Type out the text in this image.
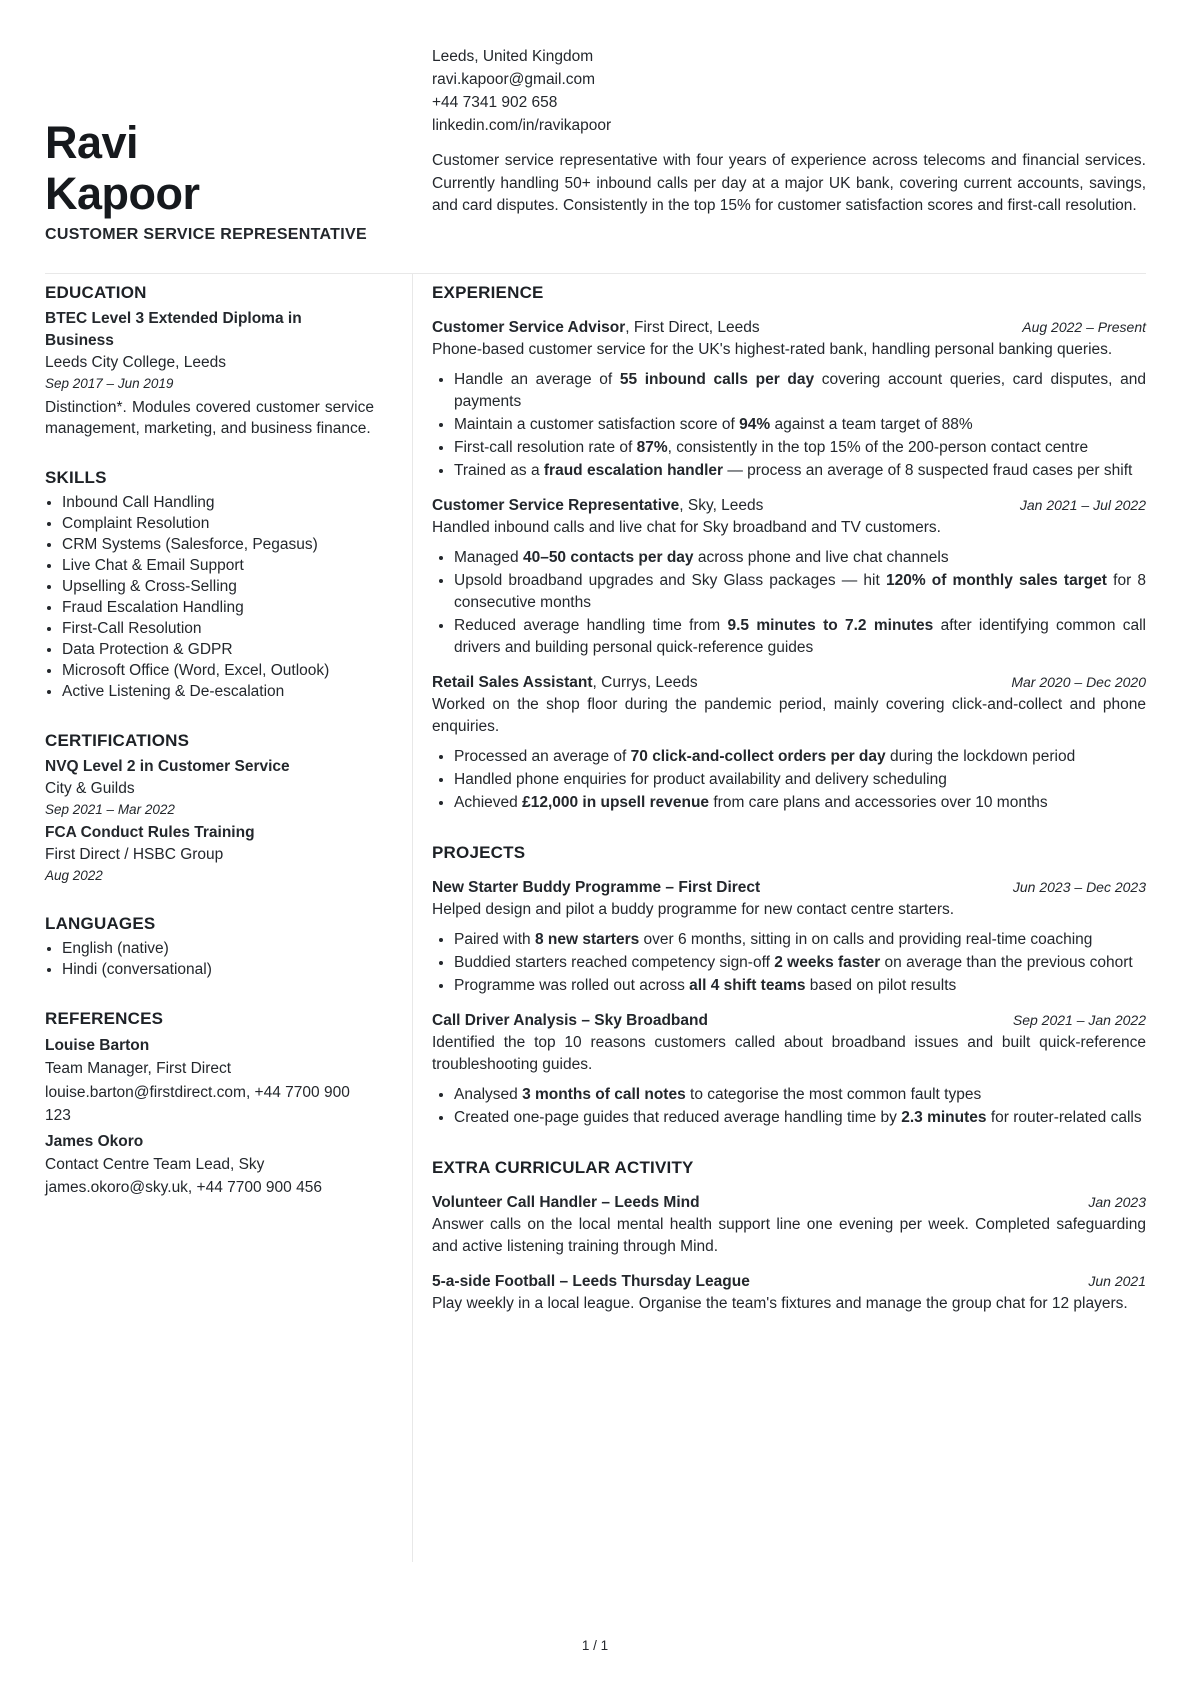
Ravi Kapoor
CUSTOMER SERVICE REPRESENTATIVE
Leeds, United Kingdom
ravi.kapoor@gmail.com
+44 7341 902 658
linkedin.com/in/ravikapoor

Customer service representative with four years of experience across telecoms and financial services. Currently handling 50+ inbound calls per day at a major UK bank, covering current accounts, savings, and card disputes. Consistently in the top 15% for customer satisfaction scores and first-call resolution.

EDUCATION
BTEC Level 3 Extended Diploma in Business
Leeds City College, Leeds
Sep 2017 – Jun 2019
Distinction*. Modules covered customer service management, marketing, and business finance.
SKILLS
• Inbound Call Handling
• Complaint Resolution
• CRM Systems (Salesforce, Pegasus)
• Live Chat & Email Support
• Upselling & Cross-Selling
• Fraud Escalation Handling
• First-Call Resolution
• Data Protection & GDPR
• Microsoft Office (Word, Excel, Outlook)
• Active Listening & De-escalation
CERTIFICATIONS
NVQ Level 2 in Customer Service
City & Guilds
Sep 2021 – Mar 2022
FCA Conduct Rules Training
First Direct / HSBC Group
Aug 2022
LANGUAGES
• English (native)
• Hindi (conversational)
REFERENCES
Louise Barton
Team Manager, First Direct
louise.barton@firstdirect.com, +44 7700 900 123
James Okoro
Contact Centre Team Lead, Sky
james.okoro@sky.uk, +44 7700 900 456
EXPERIENCE
Customer Service Advisor, First Direct, Leeds	Aug 2022 – Present

Phone-based customer service for the UK's highest-rated bank, handling personal banking queries.

• Handle an average of 55 inbound calls per day covering account queries, card disputes, and payments
• Maintain a customer satisfaction score of 94% against a team target of 88%
• First-call resolution rate of 87%, consistently in the top 15% of the 200-person contact centre
• Trained as a fraud escalation handler — process an average of 8 suspected fraud cases per shift
Customer Service Representative, Sky, Leeds	Jan 2021 – Jul 2022

Handled inbound calls and live chat for Sky broadband and TV customers.

• Managed 40–50 contacts per day across phone and live chat channels
• Upsold broadband upgrades and Sky Glass packages — hit 120% of monthly sales target for 8 consecutive months
• Reduced average handling time from 9.5 minutes to 7.2 minutes after identifying common call drivers and building personal quick-reference guides
Retail Sales Assistant, Currys, Leeds	Mar 2020 – Dec 2020

Worked on the shop floor during the pandemic period, mainly covering click-and-collect and phone enquiries.

• Processed an average of 70 click-and-collect orders per day during the lockdown period
• Handled phone enquiries for product availability and delivery scheduling
• Achieved £12,000 in upsell revenue from care plans and accessories over 10 months
PROJECTS
New Starter Buddy Programme – First Direct	Jun 2023 – Dec 2023

Helped design and pilot a buddy programme for new contact centre starters.

• Paired with 8 new starters over 6 months, sitting in on calls and providing real-time coaching
• Buddied starters reached competency sign-off 2 weeks faster on average than the previous cohort
• Programme was rolled out across all 4 shift teams based on pilot results
Call Driver Analysis – Sky Broadband	Sep 2021 – Jan 2022

Identified the top 10 reasons customers called about broadband issues and built quick-reference troubleshooting guides.

• Analysed 3 months of call notes to categorise the most common fault types
• Created one-page guides that reduced average handling time by 2.3 minutes for router-related calls
EXTRA CURRICULAR ACTIVITY
Volunteer Call Handler – Leeds Mind	Jan 2023

Answer calls on the local mental health support line one evening per week. Completed safeguarding and active listening training through Mind.

5-a-side Football – Leeds Thursday League	Jun 2021

Play weekly in a local league. Organise the team's fixtures and manage the group chat for 12 players.

1 / 1
